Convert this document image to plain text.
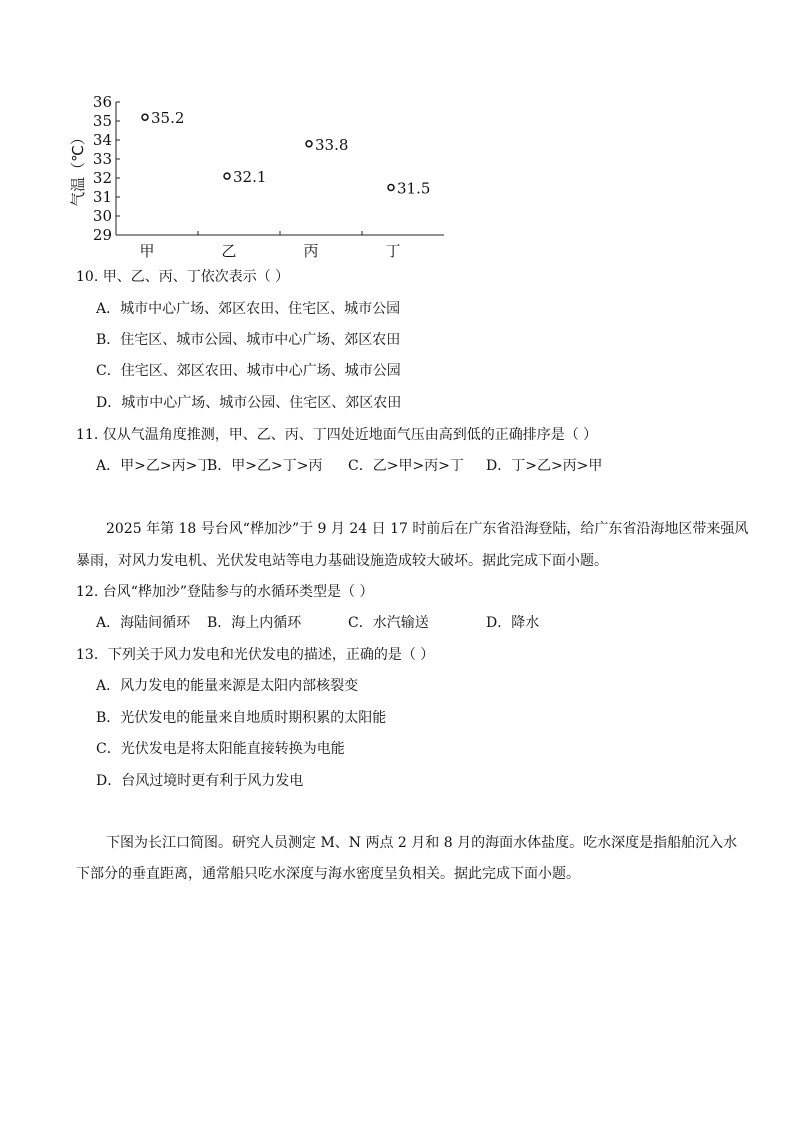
29
30
31
32
33
34
35
36
甲	乙	丙	丁
气温（℃）
35.2
32.1
33.8
31.5
10. 甲、乙、丙、丁依次表示（ ）
A．城市中心广场、郊区农田、住宅区、城市公园
B．住宅区、城市公园、城市中心广场、郊区农田
C．住宅区、郊区农田、城市中心广场、城市公园
D．城市中心广场、城市公园、住宅区、郊区农田
11. 仅从气温角度推测，甲、乙、丙、丁四处近地面气压由高到低的正确排序是（ ）
A．甲>乙>丙>丁
B．甲>乙>丁>丙 C．乙>甲>丙>丁 D．丁>乙>丙>甲
2025 年第 18 号台风“桦加沙”于 9 月 24 日 17 时前后在广东省沿海登陆，给广东省沿海地区带来强风
暴雨，对风力发电机、光伏发电站等电力基础设施造成较大破坏。据此完成下面小题。
12. 台风“桦加沙”登陆参与的水循环类型是（ ）
A．海陆间循环 B．海上内循环	C．水汽输送	D．降水
13．下列关于风力发电和光伏发电的描述，正确的是（ ）
A．风力发电的能量来源是太阳内部核裂变
B．光伏发电的能量来自地质时期积累的太阳能
C．光伏发电是将太阳能直接转换为电能
D．台风过境时更有利于风力发电
下图为长江口简图。研究人员测定 M、N 两点 2 月和 8 月的海面水体盐度。吃水深度是指船舶沉入水
下部分的垂直距离，通常船只吃水深度与海水密度呈负相关。据此完成下面小题。
